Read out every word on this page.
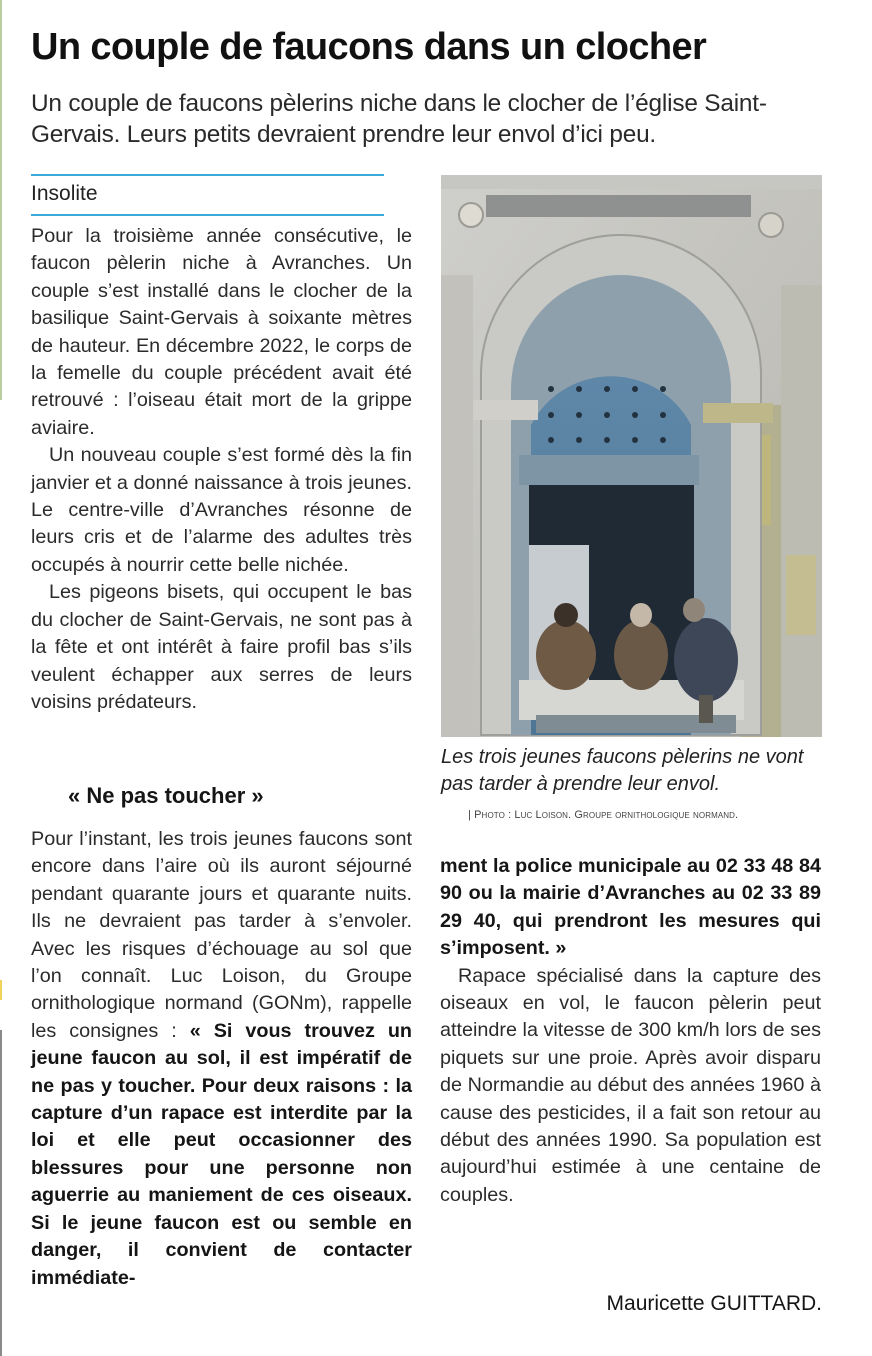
Un couple de faucons dans un clocher

Un couple de faucons pèlerins niche dans le clocher de l’église Saint-Gervais. Leurs petits devraient prendre leur envol d’ici peu.

Insolite

Pour la troisième année consécutive, le faucon pèlerin niche à Avranches. Un couple s’est installé dans le clocher de la basilique Saint-Gervais à soixante mètres de hauteur. En décembre 2022, le corps de la femelle du couple précédent avait été retrouvé : l’oiseau était mort de la grippe aviaire.

Un nouveau couple s’est formé dès la fin janvier et a donné naissance à trois jeunes. Le centre-ville d’Avranches résonne de leurs cris et de l’alarme des adultes très occupés à nourrir cette belle nichée.

Les pigeons bisets, qui occupent le bas du clocher de Saint-Gervais, ne sont pas à la fête et ont intérêt à faire profil bas s’ils veulent échapper aux serres de leurs voisins prédateurs.

« Ne pas toucher »

Pour l’instant, les trois jeunes faucons sont encore dans l’aire où ils auront séjourné pendant quarante jours et quarante nuits. Ils ne devraient pas tarder à s’envoler. Avec les risques d’échouage au sol que l’on connaît. Luc Loison, du Groupe ornithologique normand (GONm), rappelle les consignes : « Si vous trouvez un jeune faucon au sol, il est impératif de ne pas y toucher. Pour deux raisons : la capture d’un rapace est interdite par la loi et elle peut occasionner des blessures pour une personne non aguerrie au maniement de ces oiseaux. Si le jeune faucon est ou semble en danger, il convient de contacter immédiate-

Les trois jeunes faucons pèlerins ne vont pas tarder à prendre leur envol.

| Photo : Luc Loison. Groupe ornithologique normand.

ment la police municipale au 02 33 48 84 90 ou la mairie d’Avranches au 02 33 89 29 40, qui prendront les mesures qui s’imposent. »

Rapace spécialisé dans la capture des oiseaux en vol, le faucon pèlerin peut atteindre la vitesse de 300 km/h lors de ses piquets sur une proie. Après avoir disparu de Normandie au début des années 1960 à cause des pesticides, il a fait son retour au début des années 1990. Sa population est aujourd’hui estimée à une centaine de couples.

Mauricette GUITTARD.
